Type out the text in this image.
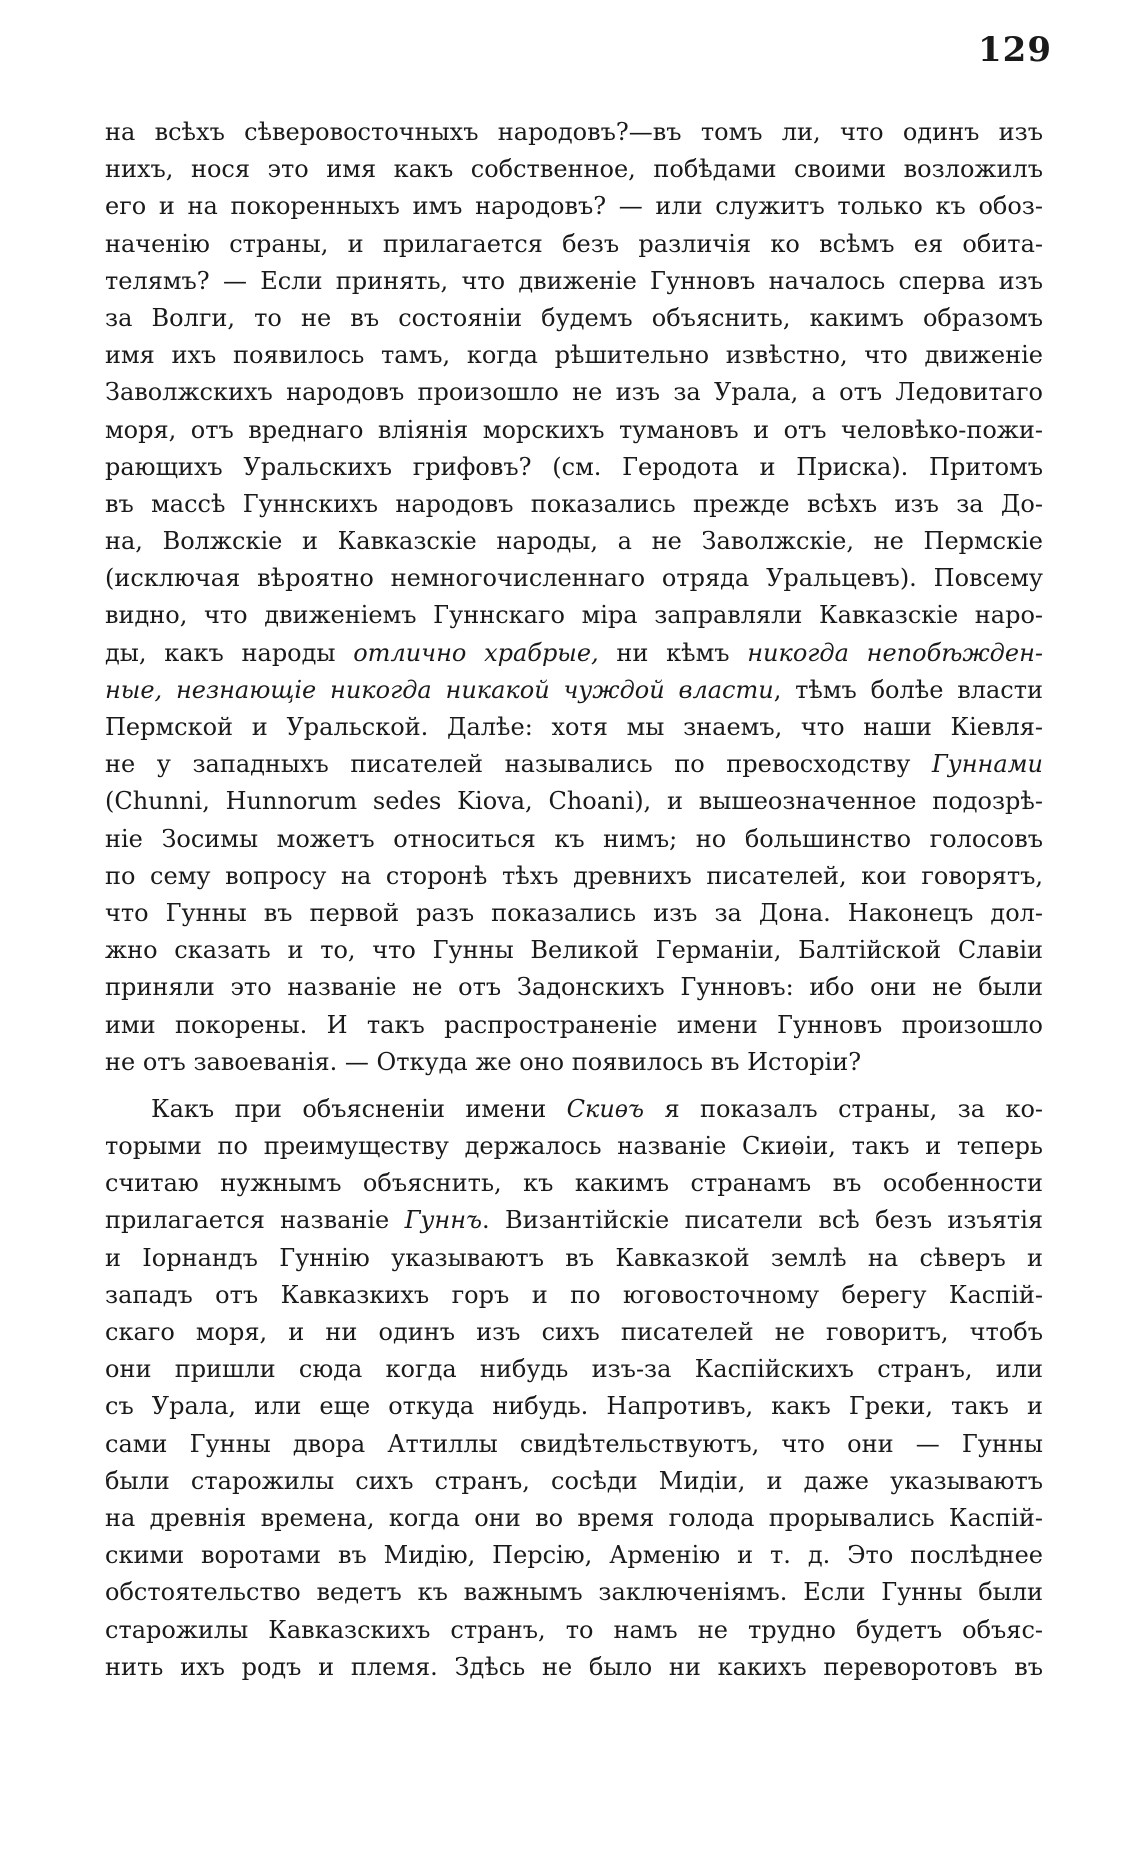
129
на всѣхъ сѣверовосточныхъ народовъ?—въ томъ ли, что одинъ изъ
нихъ, нося это имя какъ собственное, побѣдами своими возложилъ
его и на покоренныхъ имъ народовъ? — или служитъ только къ обоз-
наченію страны, и прилагается безъ различія ко всѣмъ ея обита-
телямъ? — Если принять, что движеніе Гунновъ началось сперва изъ
за Волги, то не въ состояніи будемъ объяснить, какимъ образомъ
имя ихъ появилось тамъ, когда рѣшительно извѣстно, что движеніе
Заволжскихъ народовъ произошло не изъ за Урала, а отъ Ледовитаго
моря, отъ вреднаго вліянія морскихъ тумановъ и отъ человѣко-пожи-
рающихъ Уральскихъ грифовъ? (см. Геродота и Приска). Притомъ
въ массѣ Гуннскихъ народовъ показались прежде всѣхъ изъ за До-
на, Волжскіе и Кавказскіе народы, а не Заволжскіе, не Пермскіе
(исключая вѣроятно немногочисленнаго отряда Уральцевъ). Повсему
видно, что движеніемъ Гуннскаго міра заправляли Кавказскіе наро-
ды, какъ народы отлично храбрые, ни кѣмъ никогда непобѣжден-
ные, незнающіе никогда никакой чуждой власти, тѣмъ болѣе власти
Пермской и Уральской. Далѣе: хотя мы знаемъ, что наши Кіевля-
не у западныхъ писателей назывались по превосходству Гуннами
(Chunni, Hunnorum sedes Kiova, Choani), и вышеозначенное подозрѣ-
ніе Зосимы можетъ относиться къ нимъ; но большинство голосовъ
по сему вопросу на сторонѣ тѣхъ древнихъ писателей, кои говорятъ,
что Гунны въ первой разъ показались изъ за Дона. Наконецъ дол-
жно сказать и то, что Гунны Великой Германіи, Балтійской Славіи
приняли это названіе не отъ Задонскихъ Гунновъ: ибо они не были
ими покорены. И такъ распространеніе имени Гунновъ произошло
не отъ завоеванія. — Откуда же оно появилось въ Исторіи?
Какъ при объясненіи имени Скиѳъ я показалъ страны, за ко-
торыми по преимуществу держалось названіе Скиѳіи, такъ и теперь
считаю нужнымъ объяснить, къ какимъ странамъ въ особенности
прилагается названіе Гуннъ. Византійскіе писатели всѣ безъ изъятія
и Іорнандъ Гуннію указываютъ въ Кавказкой землѣ на сѣверъ и
западъ отъ Кавказкихъ горъ и по юговосточному берегу Каспій-
скаго моря, и ни одинъ изъ сихъ писателей не говоритъ, чтобъ
они пришли сюда когда нибудь изъ-за Каспійскихъ странъ, или
съ Урала, или еще откуда нибудь. Напротивъ, какъ Греки, такъ и
сами Гунны двора Аттиллы свидѣтельствуютъ, что они — Гунны
были старожилы сихъ странъ, сосѣди Мидіи, и даже указываютъ
на древнія времена, когда они во время голода прорывались Каспій-
скими воротами въ Мидію, Персію, Арменію и т. д. Это послѣднее
обстоятельство ведетъ къ важнымъ заключеніямъ. Если Гунны были
старожилы Кавказскихъ странъ, то намъ не трудно будетъ объяс-
нить ихъ родъ и племя. Здѣсь не было ни какихъ переворотовъ въ
